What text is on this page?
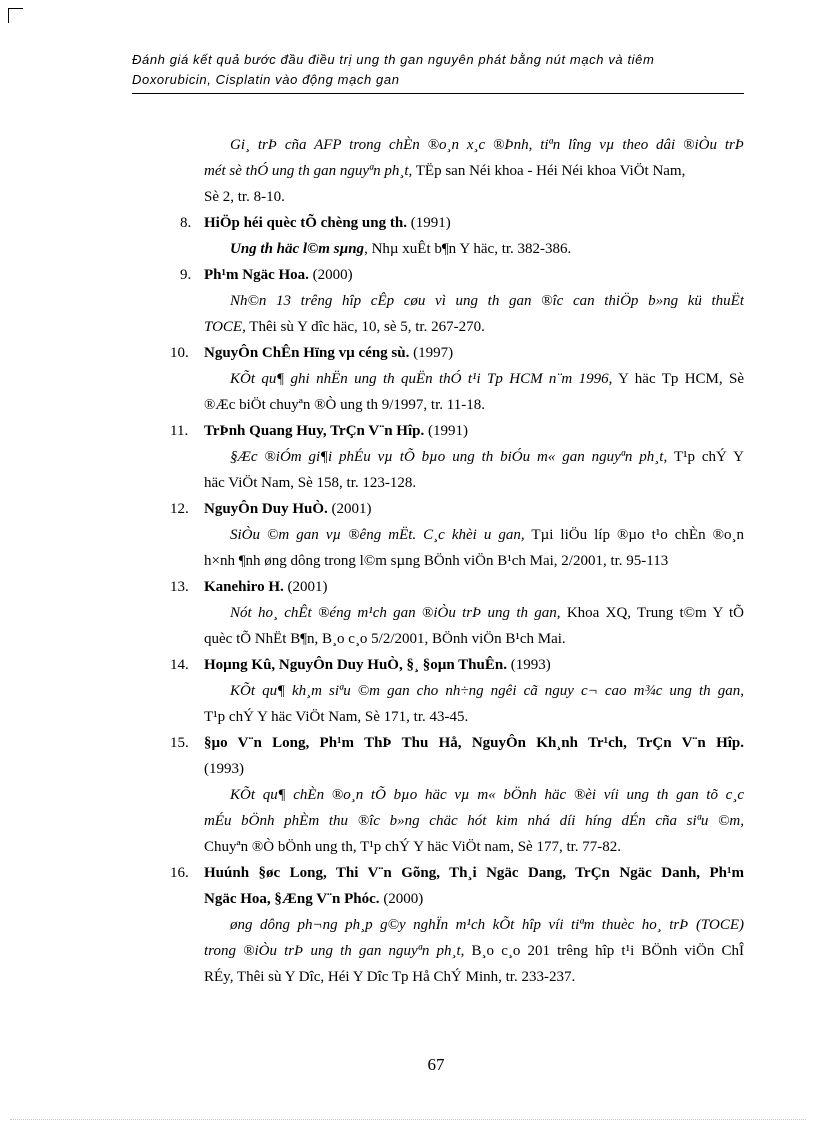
Đánh giá kết quả bước đầu điều trị ung th gan nguyên phát bằng nút mạch và tiêm
Doxorubicin, Cisplatin vào động mạch gan
Gi¸ trÞ cña AFP trong chÈn ®o¸n x¸c ®Þnh, tiªn lîng vµ theo dâi ®iÒu trÞ
mét sè thÓ ung th gan nguyªn ph¸t, TËp san Néi khoa - Héi Néi khoa ViÖt Nam,
Sè 2, tr. 8-10.
8. HiÖp héi quèc tÕ chèng ung th. (1991)
Ung th häc l©m sµng, Nhµ xuÊt b¶n Y häc, tr. 382-386.
9. Ph¹m Ngäc Hoa. (2000)
Nh©n 13 trêng hîp cÊp cøu vì ung th gan ®îc can thiÖp b»ng kü thuËt
TOCE, Thêi sù Y dîc häc, 10, sè 5, tr. 267-270.
10. NguyÔn ChÊn Hïng vµ céng sù. (1997)
KÕt qu¶ ghi nhËn ung th quËn thÓ t¹i Tp HCM n¨m 1996, Y häc Tp HCM, Sè
®Æc biÖt chuyªn ®Ò ung th 9/1997, tr. 11-18.
11. TrÞnh Quang Huy, TrÇn V¨n Hîp. (1991)
§Æc ®iÓm gi¶i phÉu vµ tÕ bµo ung th biÓu m« gan nguyªn ph¸t, T¹p chÝ Y
häc ViÖt Nam, Sè 158, tr. 123-128.
12. NguyÔn Duy HuÒ. (2001)
SiÒu ©m gan vµ ®êng mËt. C¸c khèi u gan, Tµi liÖu líp ®µo t¹o chÈn ®o¸n
h×nh ¶nh øng dông trong l©m sµng BÖnh viÖn B¹ch Mai, 2/2001, tr. 95-113
13. Kanehiro H. (2001)
Nót ho¸ chÊt ®éng m¹ch gan ®iÒu trÞ ung th gan, Khoa XQ, Trung t©m Y tÕ
quèc tÕ NhËt B¶n, B¸o c¸o 5/2/2001, BÖnh viÖn B¹ch Mai.
14. Hoµng Kû, NguyÔn Duy HuÒ, §¸ §oµn ThuÊn. (1993)
KÕt qu¶ kh¸m siªu ©m gan cho nh÷ng ngêi cã nguy c¬ cao m¾c ung th gan,
T¹p chÝ Y häc ViÖt Nam, Sè 171, tr. 43-45.
15. §µo V¨n Long, Ph¹m ThÞ Thu Hå, NguyÔn Kh¸nh Tr¹ch, TrÇn V¨n Hîp.
(1993)
KÕt qu¶ chÈn ®o¸n tÕ bµo häc vµ m« bÖnh häc ®èi víi ung th gan tõ c¸c
mÉu bÖnh phÈm thu ®îc b»ng chäc hót kim nhá díi híng dÉn cña siªu ©m,
Chuyªn ®Ò bÖnh ung th, T¹p chÝ Y häc ViÖt nam, Sè 177, tr. 77-82.
16. Huúnh §øc Long, Thi V¨n Gõng, Th¸i Ngäc Dang, TrÇn Ngäc Danh, Ph¹m
Ngäc Hoa, §Æng V¨n Phóc. (2000)
øng dông ph¬ng ph¸p g©y nghÏn m¹ch kÕt hîp víi tiªm thuèc ho¸ trÞ (TOCE)
trong ®iÒu trÞ ung th gan nguyªn ph¸t, B¸o c¸o 201 trêng hîp t¹i BÖnh viÖn ChÎ
RÉy, Thêi sù Y Dîc, Héi Y Dîc Tp Hå ChÝ Minh, tr. 233-237.
67
